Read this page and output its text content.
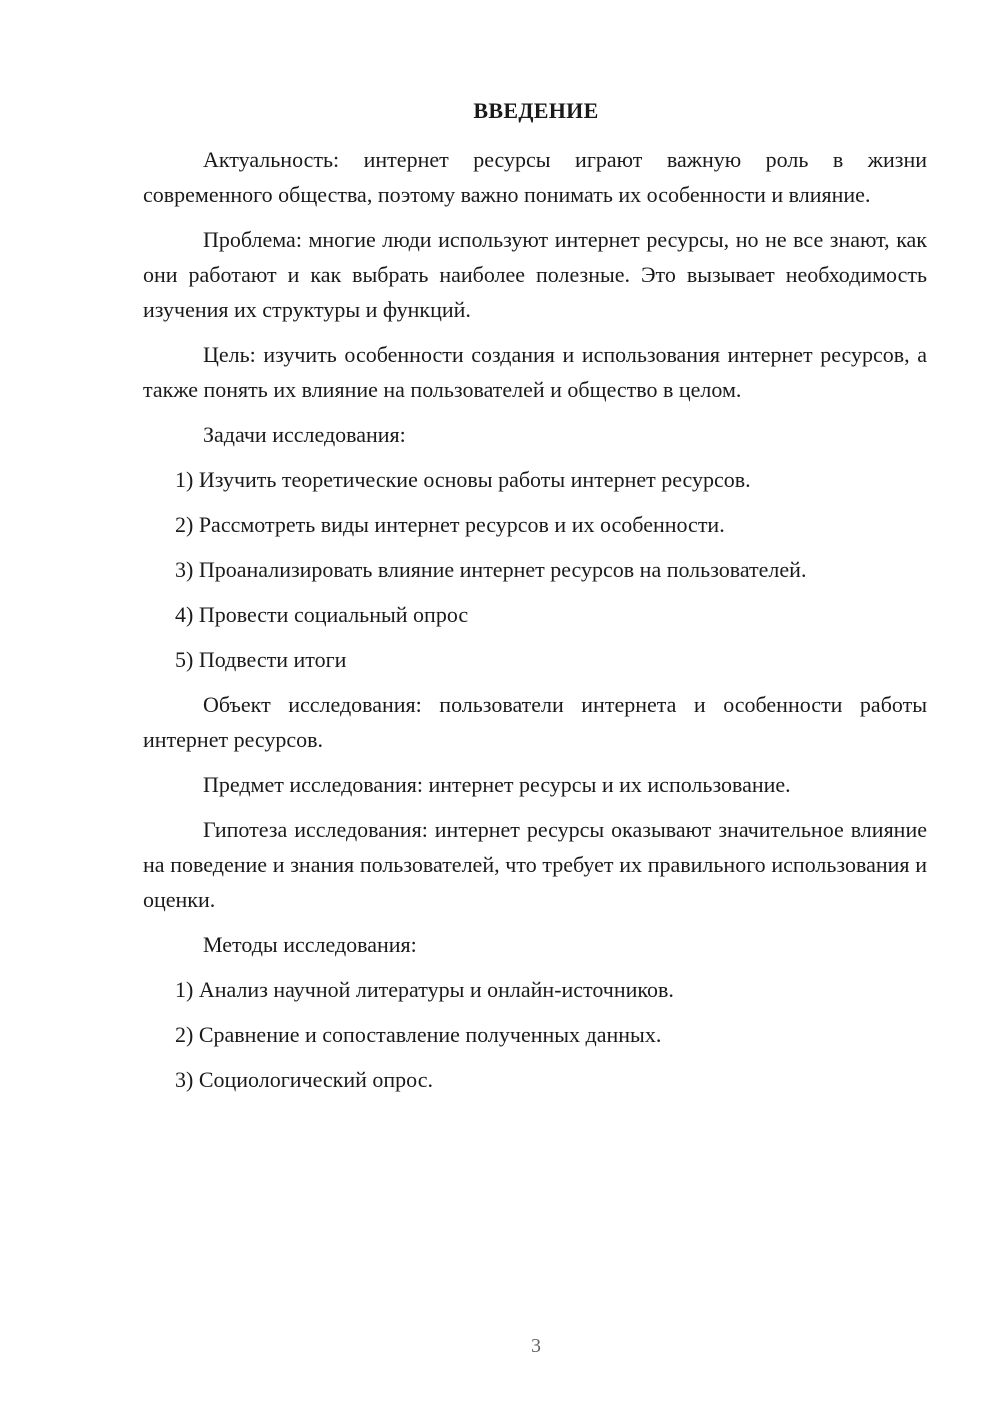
ВВЕДЕНИЕ

Актуальность: интернет ресурсы играют важную роль в жизни современного общества, поэтому важно понимать их особенности и влияние.

Проблема: многие люди используют интернет ресурсы, но не все знают, как они работают и как выбрать наиболее полезные. Это вызывает необходимость изучения их структуры и функций.

Цель: изучить особенности создания и использования интернет ресурсов, а также понять их влияние на пользователей и общество в целом.

Задачи исследования:

1) Изучить теоретические основы работы интернет ресурсов.
2) Рассмотреть виды интернет ресурсов и их особенности.
3) Проанализировать влияние интернет ресурсов на пользователей.
4) Провести социальный опрос
5) Подвести итоги

Объект исследования: пользователи интернета и особенности работы интернет ресурсов.

Предмет исследования: интернет ресурсы и их использование.

Гипотеза исследования: интернет ресурсы оказывают значительное влияние на поведение и знания пользователей, что требует их правильного использования и оценки.

Методы исследования:

1) Анализ научной литературы и онлайн-источников.
2) Сравнение и сопоставление полученных данных.
3) Социологический опрос.
3
